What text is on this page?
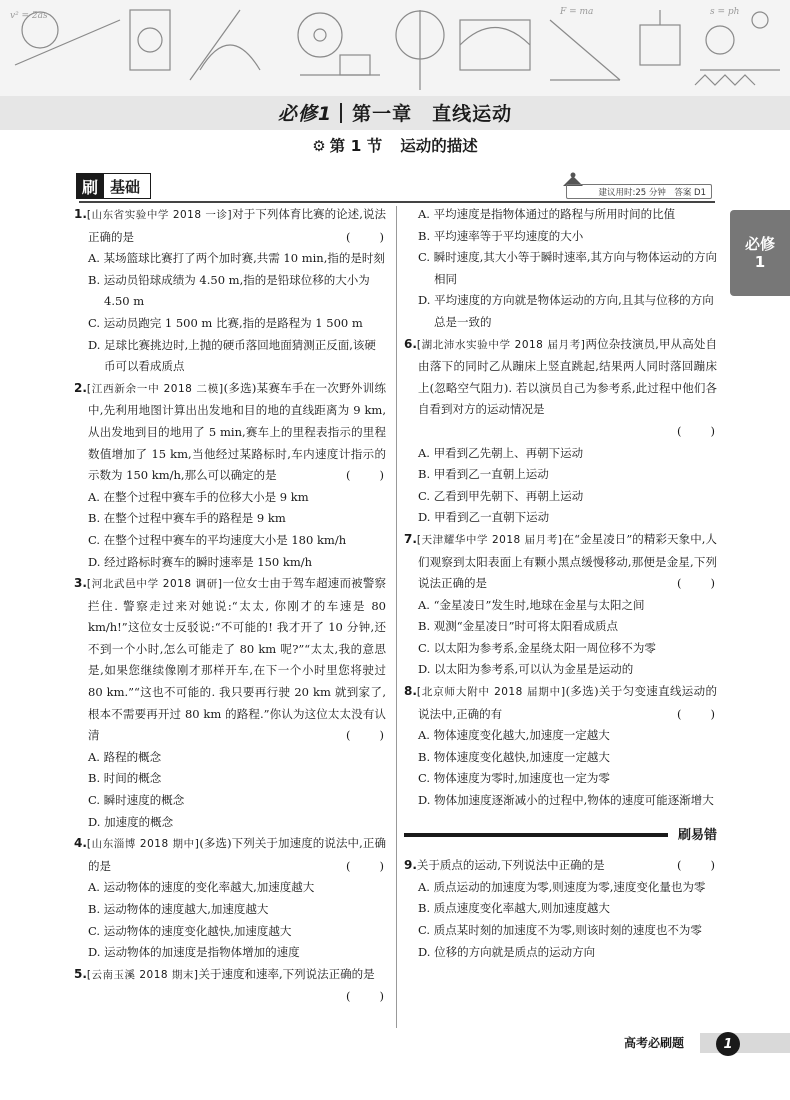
v² = 2as	F = ma	s = ph
必修1 第一章　直线运动
⚙ 第 1 节 运动的描述
刷 基础	建议用时:25 分钟　答案 D1
必修
1

1.[山东省实验中学 2018 一诊]对于下列体育比赛的论述,说法正确的是	(　　)

A. 某场篮球比赛打了两个加时赛,共需 10 min,指的是时刻

B. 运动员铅球成绩为 4.50 m,指的是铅球位移的大小为 4.50 m

C. 运动员跑完 1 500 m 比赛,指的是路程为 1 500 m

D. 足球比赛挑边时,上抛的硬币落回地面猜测正反面,该硬币可以看成质点

2.[江西新余一中 2018 二模](多选)某赛车手在一次野外训练中,先利用地图计算出出发地和目的地的直线距离为 9 km,从出发地到目的地用了 5 min,赛车上的里程表指示的里程数值增加了 15 km,当他经过某路标时,车内速度计指示的示数为 150 km/h,那么可以确定的是	(　　)

A. 在整个过程中赛车手的位移大小是 9 km

B. 在整个过程中赛车手的路程是 9 km

C. 在整个过程中赛车的平均速度大小是 180 km/h

D. 经过路标时赛车的瞬时速率是 150 km/h

3.[河北武邑中学 2018 调研]一位女士由于驾车超速而被警察拦住. 警察走过来对她说:“太太, 你刚才的车速是 80 km/h!”这位女士反驳说:“不可能的! 我才开了 10 分钟,还不到一个小时,怎么可能走了 80 km 呢?”“太太,我的意思是,如果您继续像刚才那样开车,在下一个小时里您将驶过 80 km.”“这也不可能的. 我只要再行驶 20 km 就到家了,根本不需要再开过 80 km 的路程.”你认为这位太太没有认清	(　　)

A. 路程的概念

B. 时间的概念

C. 瞬时速度的概念

D. 加速度的概念

4.[山东淄博 2018 期中](多选)下列关于加速度的说法中,正确的是	(　　)

A. 运动物体的速度的变化率越大,加速度越大

B. 运动物体的速度越大,加速度越大

C. 运动物体的速度变化越快,加速度越大

D. 运动物体的加速度是指物体增加的速度

5.[云南玉溪 2018 期末]关于速度和速率,下列说法正确的是
(　　)

A. 平均速度是指物体通过的路程与所用时间的比值

B. 平均速率等于平均速度的大小

C. 瞬时速度,其大小等于瞬时速率,其方向与物体运动的方向相同

D. 平均速度的方向就是物体运动的方向,且其与位移的方向总是一致的

6.[湖北沛水实验中学 2018 届月考]两位杂技演员,甲从高处自由落下的同时乙从蹦床上竖直跳起,结果两人同时落回蹦床上(忽略空气阻力). 若以演员自己为参考系,此过程中他们各自看到对方的运动情况是

(　　)

A. 甲看到乙先朝上、再朝下运动

B. 甲看到乙一直朝上运动

C. 乙看到甲先朝下、再朝上运动

D. 甲看到乙一直朝下运动

7.[天津耀华中学 2018 届月考]在“金星凌日”的精彩天象中,人们观察到太阳表面上有颗小黑点缓慢移动,那便是金星,下列说法正确的是	(　　)

A. “金星凌日”发生时,地球在金星与太阳之间

B. 观测“金星凌日”时可将太阳看成质点

C. 以太阳为参考系,金星绕太阳一周位移不为零

D. 以太阳为参考系,可以认为金星是运动的

8.[北京师大附中 2018 届期中](多选)关于匀变速直线运动的说法中,正确的有	(　　)

A. 物体速度变化越大,加速度一定越大

B. 物体速度变化越快,加速度一定越大

C. 物体速度为零时,加速度也一定为零

D. 物体加速度逐渐减小的过程中,物体的速度可能逐渐增大

刷易错

9.关于质点的运动,下列说法中正确的是	(　　)

A. 质点运动的加速度为零,则速度为零,速度变化量也为零

B. 质点速度变化率越大,则加速度越大

C. 质点某时刻的加速度不为零,则该时刻的速度也不为零

D. 位移的方向就是质点的运动方向

高考必刷题	1
